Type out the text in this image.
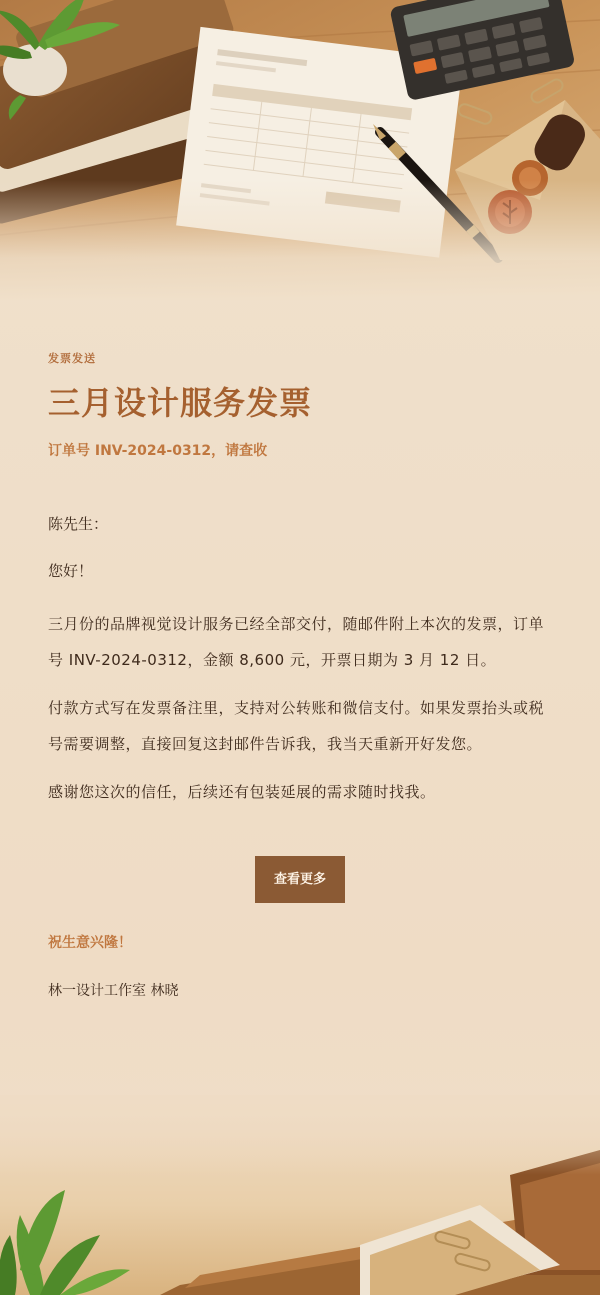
发票发送
三月设计服务发票
订单号 INV-2024-0312，请查收

陈先生：

您好！

三月份的品牌视觉设计服务已经全部交付，随邮件附上本次的发票，订单号 INV-2024-0312，金额 8,600 元，开票日期为 3 月 12 日。

付款方式写在发票备注里，支持对公转账和微信支付。如果发票抬头或税号需要调整，直接回复这封邮件告诉我，我当天重新开好发您。

感谢您这次的信任，后续还有包装延展的需求随时找我。

查看更多
祝生意兴隆！
林一设计工作室 林晓
